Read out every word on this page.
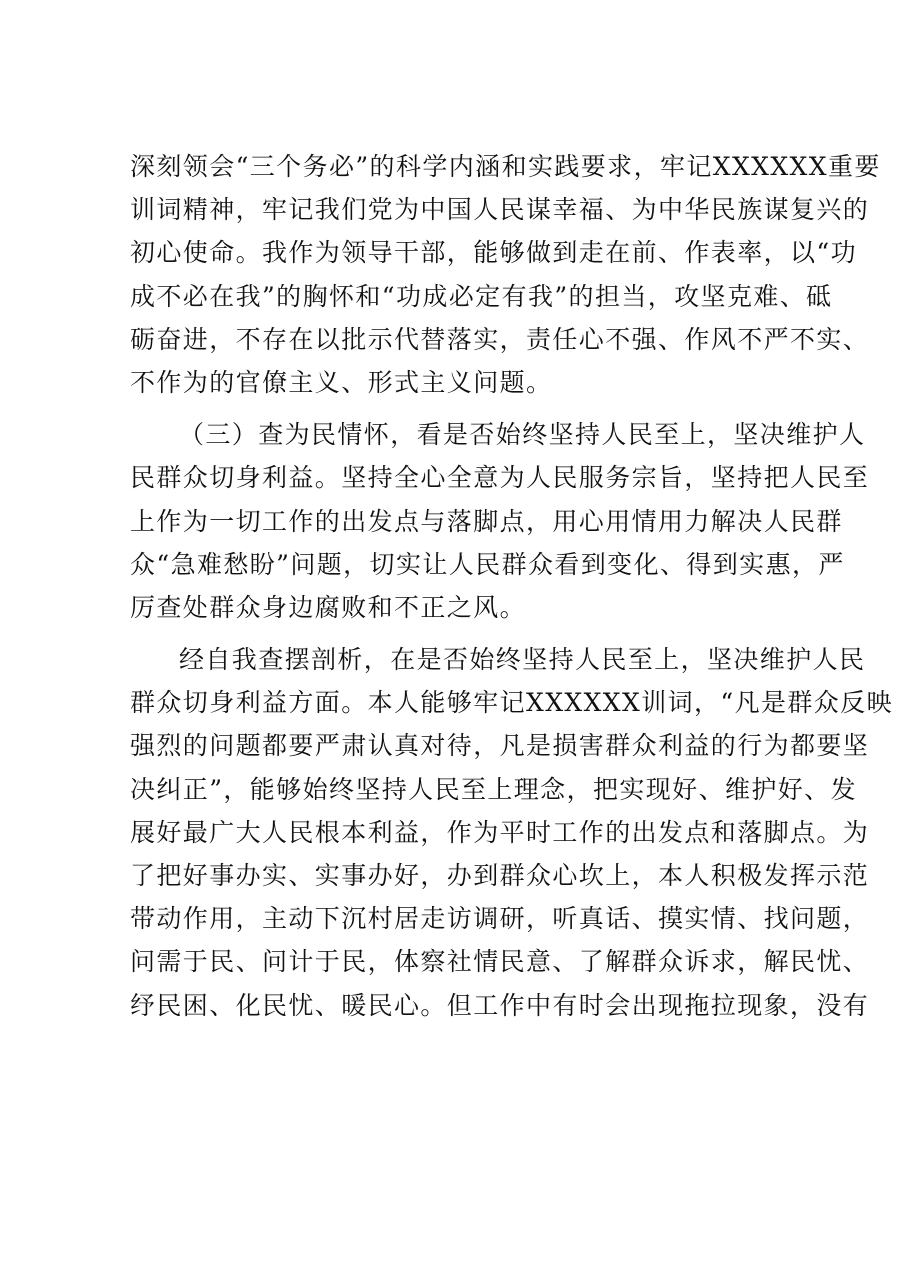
深刻领会“三个务必”的科学内涵和实践要求，牢记XXXXXX重要
训词精神，牢记我们党为中国人民谋幸福、为中华民族谋复兴的
初心使命。我作为领导干部，能够做到走在前、作表率，以“功
成不必在我”的胸怀和“功成必定有我”的担当，攻坚克难、砥
砺奋进，不存在以批示代替落实，责任心不强、作风不严不实、
不作为的官僚主义、形式主义问题。
（三）查为民情怀，看是否始终坚持人民至上，坚决维护人
民群众切身利益。坚持全心全意为人民服务宗旨，坚持把人民至
上作为一切工作的出发点与落脚点，用心用情用力解决人民群
众“急难愁盼”问题，切实让人民群众看到变化、得到实惠，严
厉查处群众身边腐败和不正之风。
经自我查摆剖析，在是否始终坚持人民至上，坚决维护人民
群众切身利益方面。本人能够牢记XXXXXX训词，“凡是群众反映
强烈的问题都要严肃认真对待，凡是损害群众利益的行为都要坚
决纠正”，能够始终坚持人民至上理念，把实现好、维护好、发
展好最广大人民根本利益，作为平时工作的出发点和落脚点。为
了把好事办实、实事办好，办到群众心坎上，本人积极发挥示范
带动作用，主动下沉村居走访调研，听真话、摸实情、找问题，
问需于民、问计于民，体察社情民意、了解群众诉求，解民忧、
纾民困、化民忧、暖民心。但工作中有时会出现拖拉现象，没有
